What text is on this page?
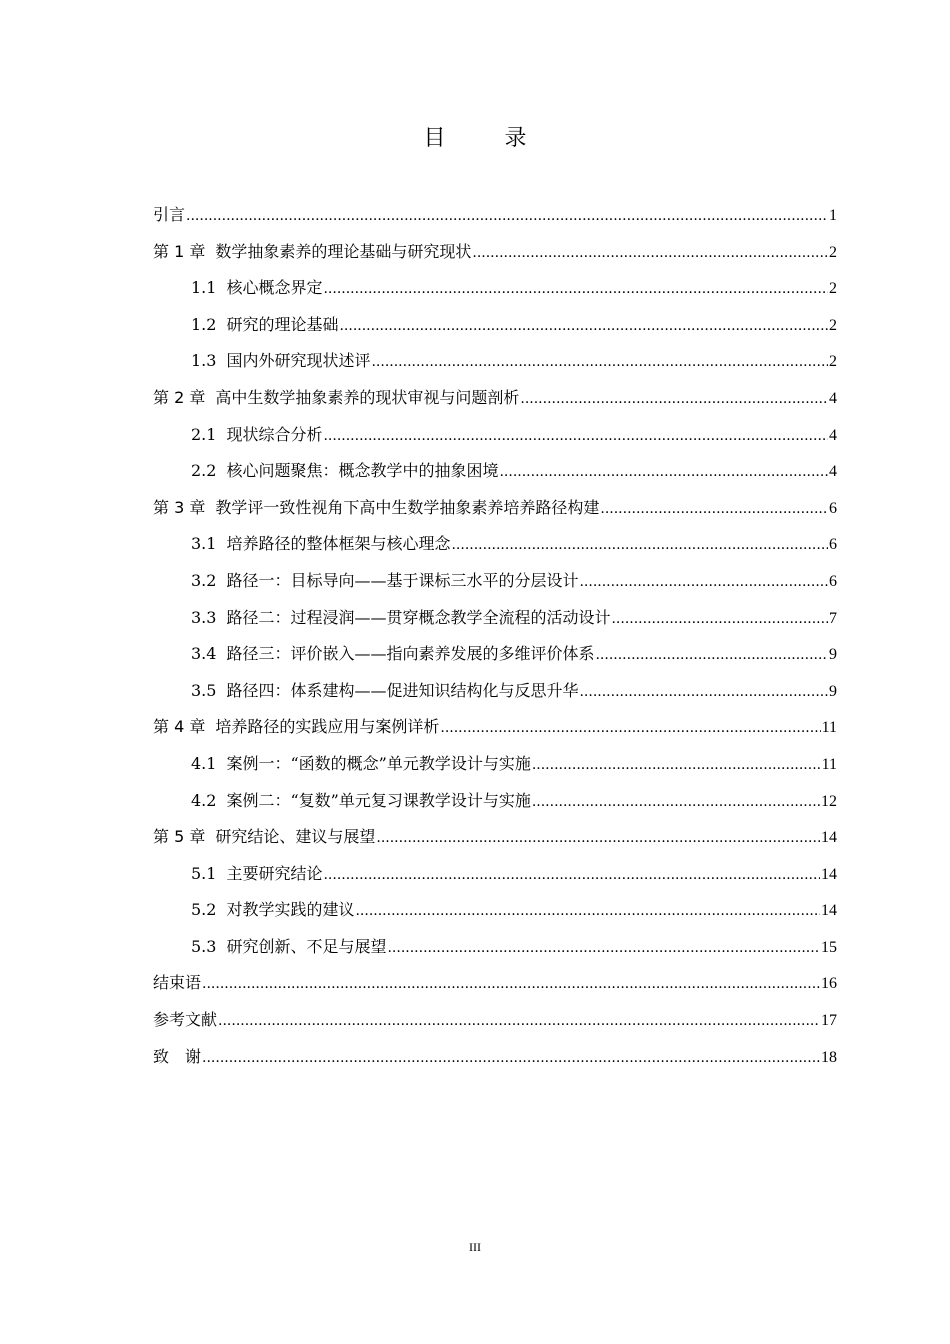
目 录
引言 .....	1
第 1 章 数学抽象素养的理论基础与研究现状 .....	2
1.1 核心概念界定 .....	2
1.2 研究的理论基础 .....	2
1.3 国内外研究现状述评 .....	2
第 2 章 高中生数学抽象素养的现状审视与问题剖析 .....	4
2.1 现状综合分析 .....	4
2.2 核心问题聚焦：概念教学中的抽象困境 .....	4
第 3 章 教学评一致性视角下高中生数学抽象素养培养路径构建 .....	6
3.1 培养路径的整体框架与核心理念 .....	6
3.2 路径一：目标导向——基于课标三水平的分层设计 .....	6
3.3 路径二：过程浸润——贯穿概念教学全流程的活动设计 .....	7
3.4 路径三：评价嵌入——指向素养发展的多维评价体系 .....	9
3.5 路径四：体系建构——促进知识结构化与反思升华 .....	9
第 4 章 培养路径的实践应用与案例详析 .....	11
4.1 案例一：“函数的概念”单元教学设计与实施 .....	11
4.2 案例二：“复数”单元复习课教学设计与实施 .....	12
第 5 章 研究结论、建议与展望 .....	14
5.1 主要研究结论 .....	14
5.2 对教学实践的建议 .....	14
5.3 研究创新、不足与展望 .....	15
结束语 .....	16
参考文献 .....	17
致　谢 .....	18
III
